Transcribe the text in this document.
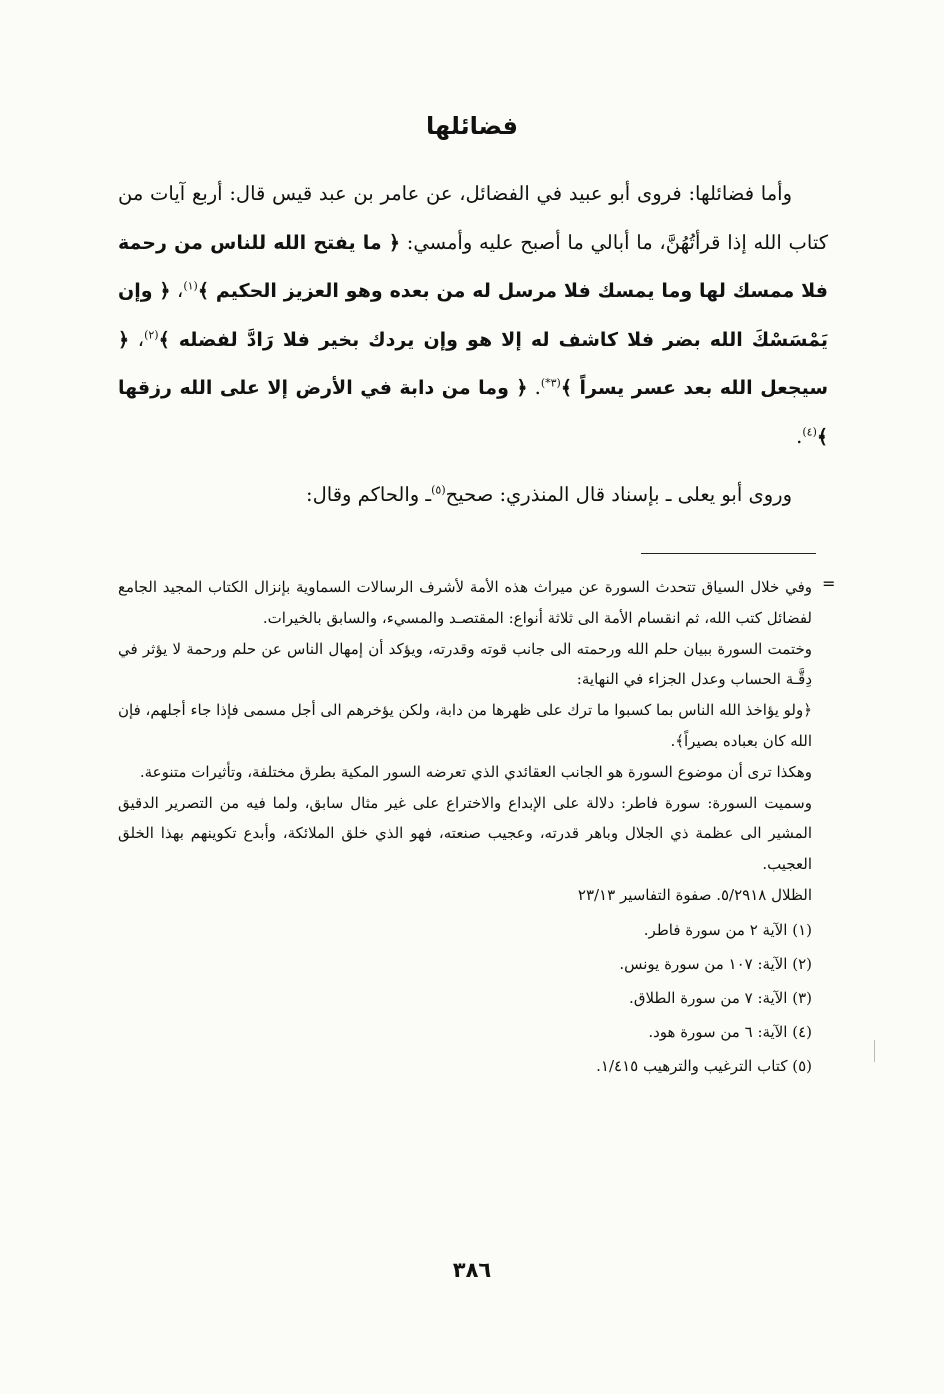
فضائلها

وأما فضائلها: فروى أبو عبيد في الفضائل، عن عامر بن عبد قيس قال: أربع آيات من كتاب الله إذا قرأتُهُنَّ، ما أبالي ما أصبح عليه وأمسي: ﴿ ما يفتح الله للناس من رحمة فلا ممسك لها وما يمسك فلا مرسل له من بعده وهو العزيز الحكيم ﴾$^{(١)}$، ﴿ وإن يَمْسَسْكَ الله بضر فلا كاشف له إلا هو وإن يردك بخير فلا رَادَّ لفضله ﴾$^{(٢)}$، ﴿ سيجعل الله بعد عسر يسراً ﴾$^{(٣*)}$. ﴿ وما من دابة في الأرض إلا على الله رزقها ﴾$^{(٤)}$.

وروى أبو يعلى ـ بإسناد قال المنذري: صحيح$^{(٥)}$ـ والحاكم وقال:

=

وفي خلال السياق تتحدث السورة عن ميراث هذه الأمة لأشرف الرسالات السماوية بإنزال الكتاب المجيد الجامع لفضائل كتب الله، ثم انقسام الأمة الى ثلاثة أنواع: المقتصـد والمسيء، والسابق بالخيرات.

وختمت السورة ببيان حلم الله ورحمته الى جانب قوته وقدرته، ويؤكد أن إمهال الناس عن حلم ورحمة لا يؤثر في دِقَّـة الحساب وعدل الجزاء في النهاية:

﴿ولو يؤاخذ الله الناس بما كسبوا ما ترك على ظهرها من دابة، ولكن يؤخرهم الى أجل مسمى فإذا جاء أجلهم، فإن الله كان بعباده بصيراً﴾.

وهكذا ترى أن موضوع السورة هو الجانب العقائدي الذي تعرضه السور المكية بطرق مختلفة، وتأثيرات متنوعة.

وسميت السورة: سورة فاطر: دلالة على الإبداع والاختراع على غير مثال سابق، ولما فيه من التصرير الدقيق المشير الى عظمة ذي الجلال وباهر قدرته، وعجيب صنعته، فهو الذي خلق الملائكة، وأبدع تكوينهم بهذا الخلق العجيب.

الظلال ٥/٢٩١٨. صفوة التفاسير ٢٣/١٣

(١) الآية ٢ من سورة فاطر.

(٢) الآية: ١٠٧ من سورة يونس.

(٣) الآية: ٧ من سورة الطلاق.

(٤) الآية: ٦ من سورة هود.

(٥) كتاب الترغيب والترهيب ١/٤١٥.

٣٨٦
